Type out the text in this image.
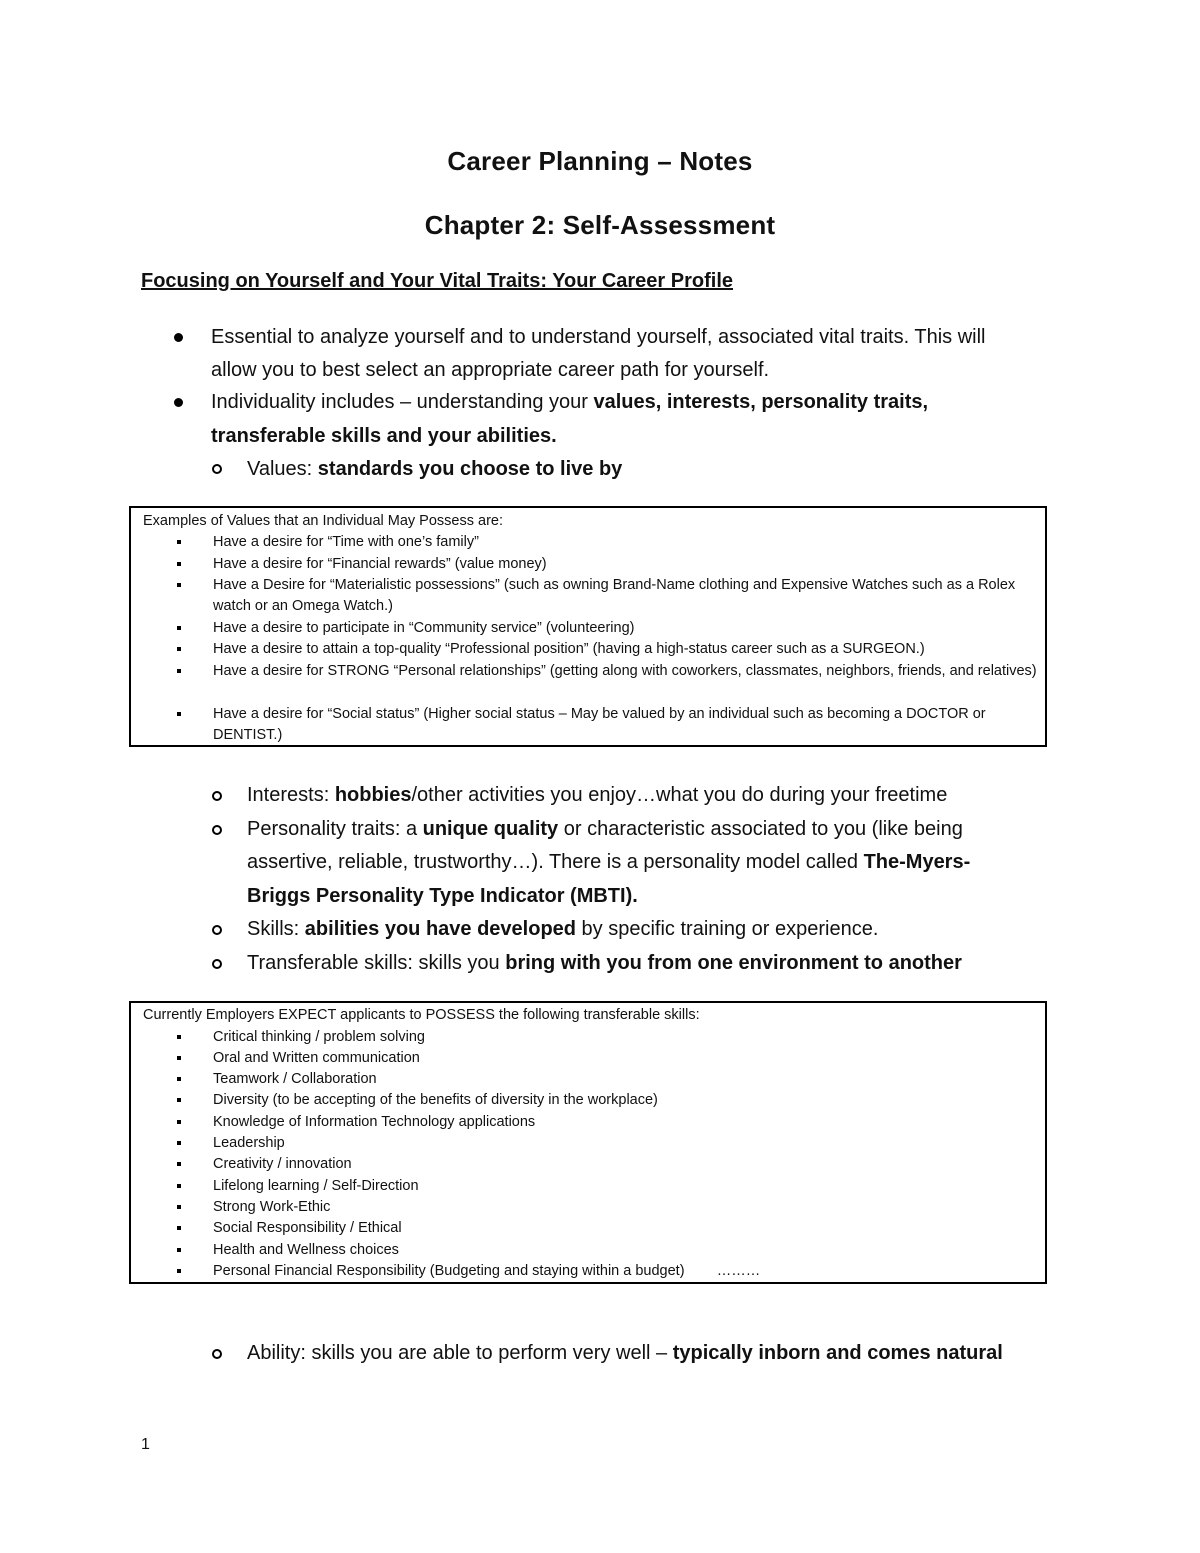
Career Planning – Notes
Chapter 2: Self-Assessment
Focusing on Yourself and Your Vital Traits: Your Career Profile
Essential to analyze yourself and to understand yourself, associated vital traits. This will
allow you to best select an appropriate career path for yourself.
Individuality includes – understanding your values, interests, personality traits,
transferable skills and your abilities.
Values: standards you choose to live by
Examples of Values that an Individual May Possess are:
Have a desire for “Time with one’s family”
Have a desire for “Financial rewards” (value money)
Have a Desire for “Materialistic possessions” (such as owning Brand-Name clothing and Expensive Watches such as a Rolex watch or an Omega Watch.)
Have a desire to participate in “Community service” (volunteering)
Have a desire to attain a top-quality “Professional position” (having a high-status career such as a SURGEON.)
Have a desire for STRONG “Personal relationships” (getting along with coworkers, classmates, neighbors, friends, and relatives)
Have a desire for “Social status” (Higher social status – May be valued by an individual such as becoming a DOCTOR or DENTIST.)
Interests: hobbies/other activities you enjoy…what you do during your freetime
Personality traits: a unique quality or characteristic associated to you (like being
assertive, reliable, trustworthy…). There is a personality model called The-Myers-
Briggs Personality Type Indicator (MBTI).
Skills: abilities you have developed by specific training or experience.
Transferable skills: skills you bring with you from one environment to another
Currently Employers EXPECT applicants to POSSESS the following transferable skills:
Critical thinking / problem solving
Oral and Written communication
Teamwork / Collaboration
Diversity (to be accepting of the benefits of diversity in the workplace)
Knowledge of Information Technology applications
Leadership
Creativity / innovation
Lifelong learning / Self-Direction
Strong Work-Ethic
Social Responsibility / Ethical
Health and Wellness choices
Personal Financial Responsibility (Budgeting and staying within a budget)        ………
Ability: skills you are able to perform very well – typically inborn and comes natural
1
